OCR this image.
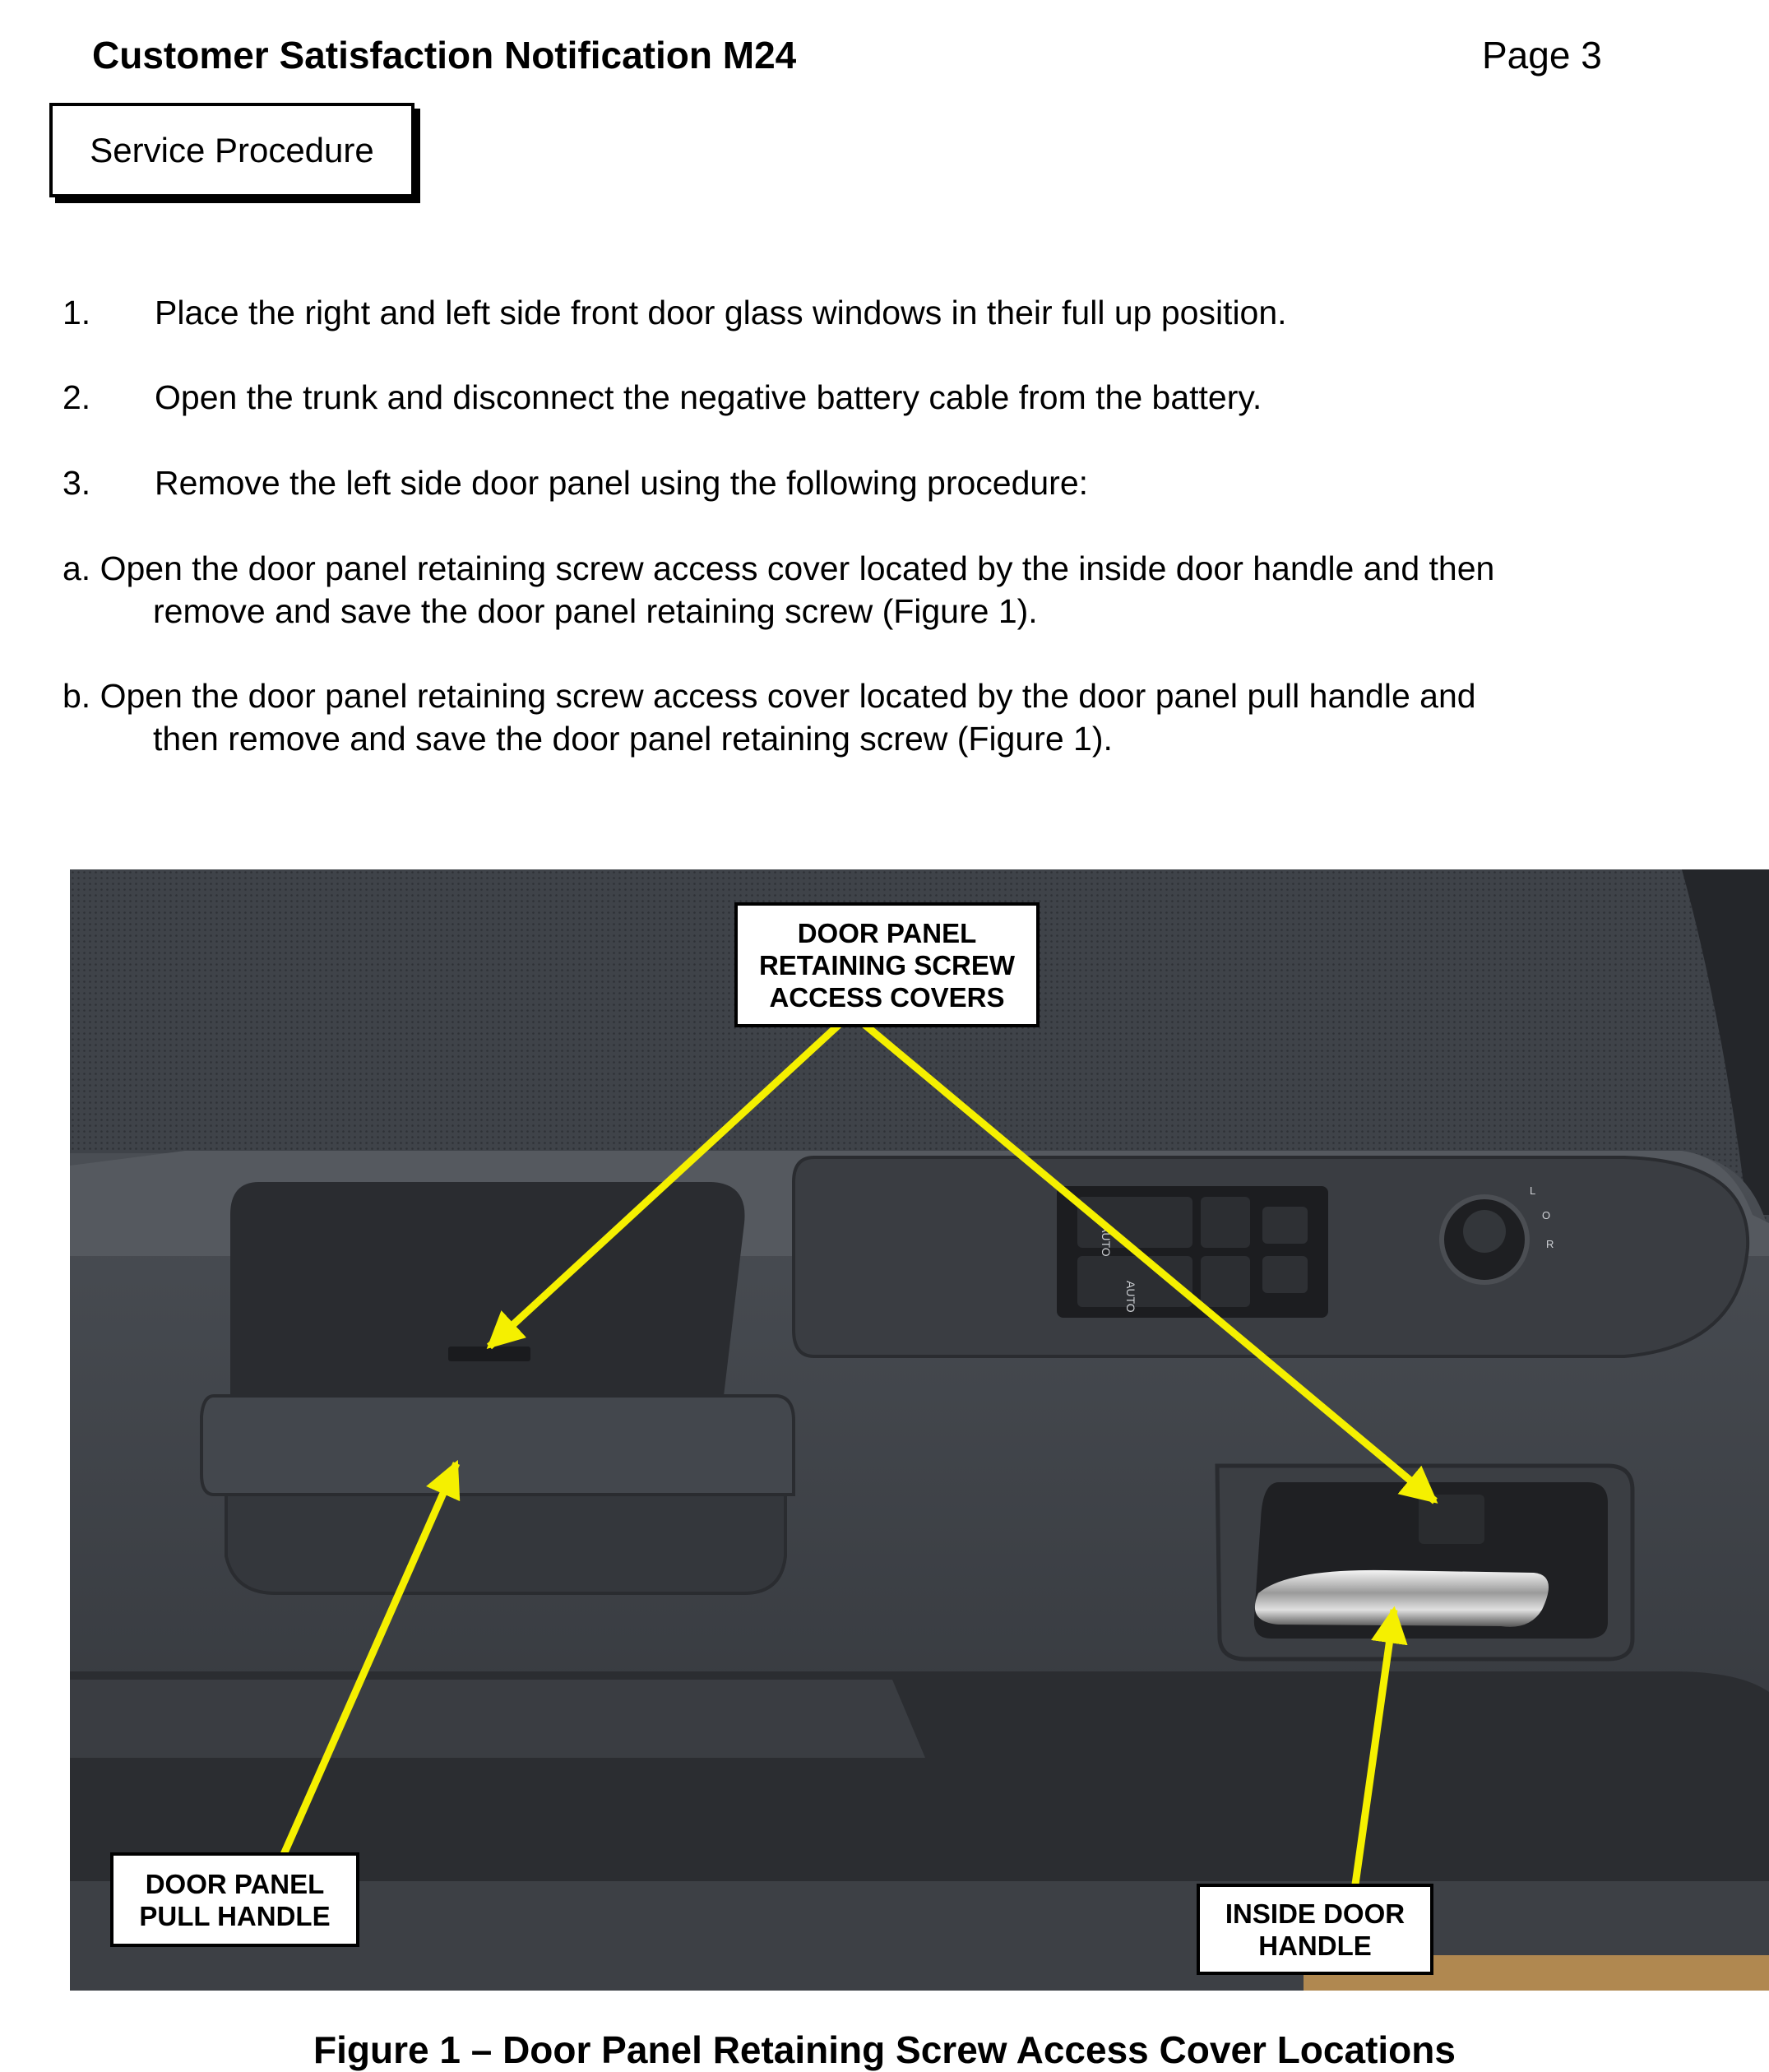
Customer Satisfaction Notification M24	Page 3
Service Procedure
1. Place the right and left side front door glass windows in their full up position.
2. Open the trunk and disconnect the negative battery cable from the battery.
3. Remove the left side door panel using the following procedure:
a. Open the door panel retaining screw access cover located by the inside door handle and then
remove and save the door panel retaining screw (Figure 1).
b. Open the door panel retaining screw access cover located by the door panel pull handle and
then remove and save the door panel retaining screw (Figure 1).
AUTO
AUTO
L
O
R
DOOR PANEL
RETAINING SCREW
ACCESS COVERS
DOOR PANEL
PULL HANDLE	INSIDE DOOR
HANDLE
Figure 1 – Door Panel Retaining Screw Access Cover Locations
